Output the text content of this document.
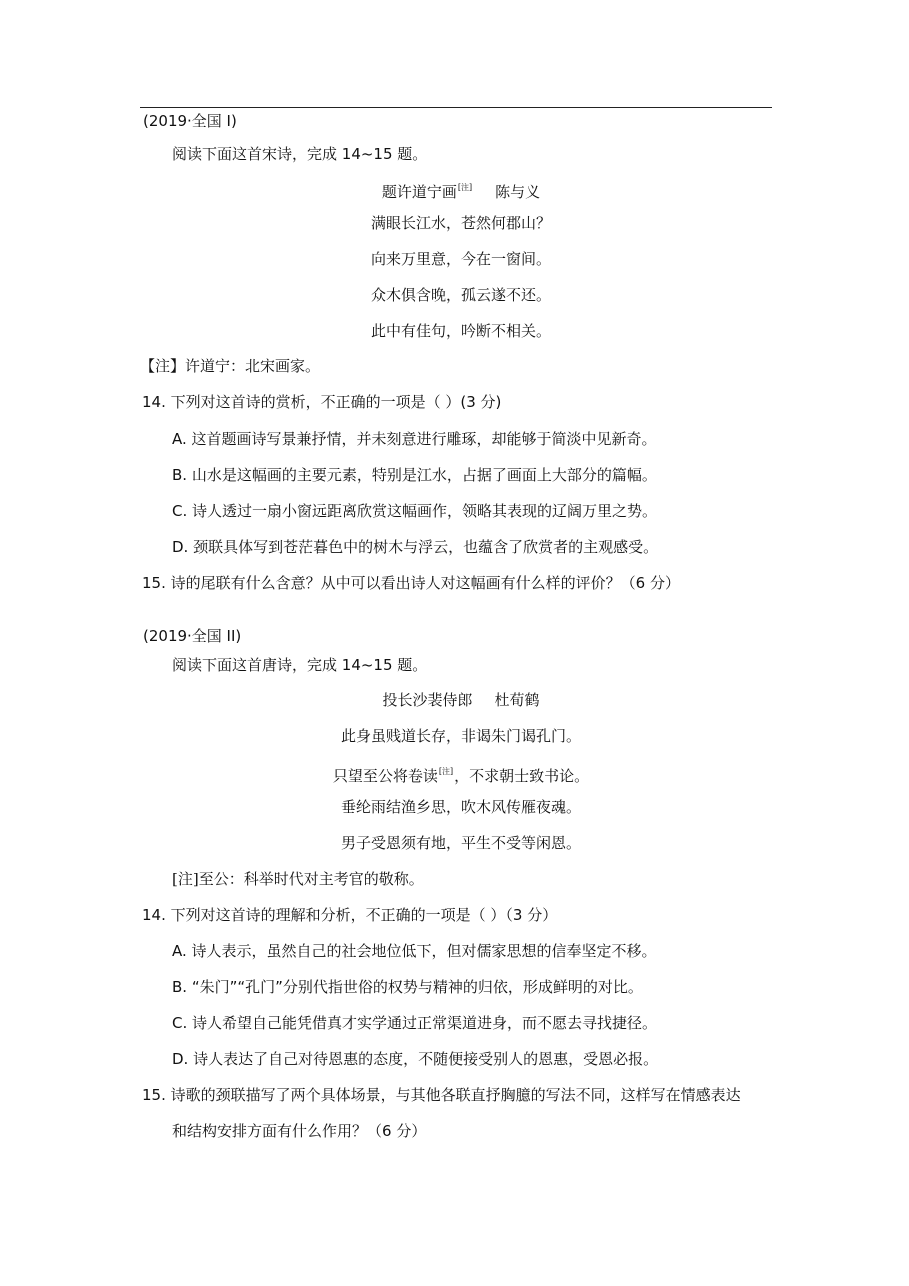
(2019·全国 I)
阅读下面这首宋诗，完成 14~15 题。
题许道宁画[注] 陈与义
满眼长江水，苍然何郡山？
向来万里意，今在一窗间。
众木俱含晚，孤云遂不还。
此中有佳句，吟断不相关。
【注】许道宁：北宋画家。
14. 下列对这首诗的赏析，不正确的一项是（ ）(3 分)
A. 这首题画诗写景兼抒情，并未刻意进行雕琢，却能够于简淡中见新奇。
B. 山水是这幅画的主要元素，特别是江水，占据了画面上大部分的篇幅。
C. 诗人透过一扇小窗远距离欣赏这幅画作，领略其表现的辽阔万里之势。
D. 颈联具体写到苍茫暮色中的树木与浮云，也蕴含了欣赏者的主观感受。
15. 诗的尾联有什么含意？从中可以看出诗人对这幅画有什么样的评价？（6 分）
(2019·全国 II)
阅读下面这首唐诗，完成 14~15 题。
投长沙裴侍郎 杜荀鹤
此身虽贱道长存，非谒朱门谒孔门。
只望至公将卷读[注]，不求朝士致书论。
垂纶雨结渔乡思，吹木风传雁夜魂。
男子受恩须有地，平生不受等闲恩。
[注]至公：科举时代对主考官的敬称。
14. 下列对这首诗的理解和分析，不正确的一项是（ ）（3 分）
A. 诗人表示，虽然自己的社会地位低下，但对儒家思想的信奉坚定不移。
B. “朱门”“孔门”分别代指世俗的权势与精神的归依，形成鲜明的对比。
C. 诗人希望自己能凭借真才实学通过正常渠道进身，而不愿去寻找捷径。
D. 诗人表达了自己对待恩惠的态度，不随便接受别人的恩惠，受恩必报。
15. 诗歌的颈联描写了两个具体场景，与其他各联直抒胸臆的写法不同，这样写在情感表达
和结构安排方面有什么作用？（6 分）
